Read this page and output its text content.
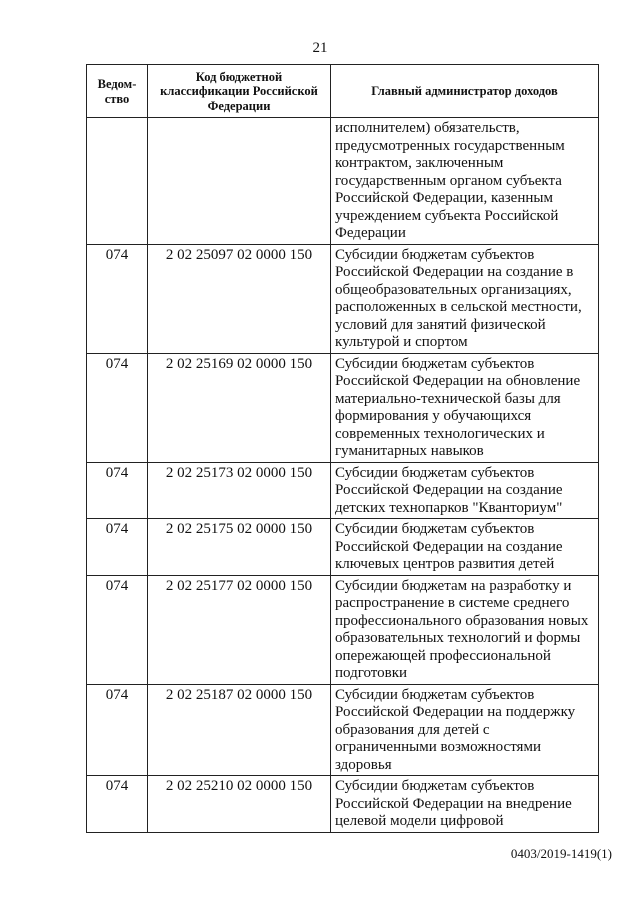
21
Ведом-ство	Код бюджетной классификации Российской Федерации	Главный администратор доходов
		исполнителем) обязательств, предусмотренных государственным контрактом, заключенным государственным органом субъекта Российской Федерации, казенным учреждением субъекта Российской Федерации
074	2 02 25097 02 0000 150	Субсидии бюджетам субъектов Российской Федерации на создание в общеобразовательных организациях, расположенных в сельской местности, условий для занятий физической культурой и спортом
074	2 02 25169 02 0000 150	Субсидии бюджетам субъектов Российской Федерации на обновление материально-технической базы для формирования у обучающихся современных технологических и гуманитарных навыков
074	2 02 25173 02 0000 150	Субсидии бюджетам субъектов Российской Федерации на создание детских технопарков "Кванториум"
074	2 02 25175 02 0000 150	Субсидии бюджетам субъектов Российской Федерации на создание ключевых центров развития детей
074	2 02 25177 02 0000 150	Субсидии бюджетам на разработку и распространение в системе среднего профессионального образования новых образовательных технологий и формы опережающей профессиональной подготовки
074	2 02 25187 02 0000 150	Субсидии бюджетам субъектов Российской Федерации на поддержку образования для детей с ограниченными возможностями здоровья
074	2 02 25210 02 0000 150	Субсидии бюджетам субъектов Российской Федерации на внедрение целевой модели цифровой
0403/2019-1419(1)
